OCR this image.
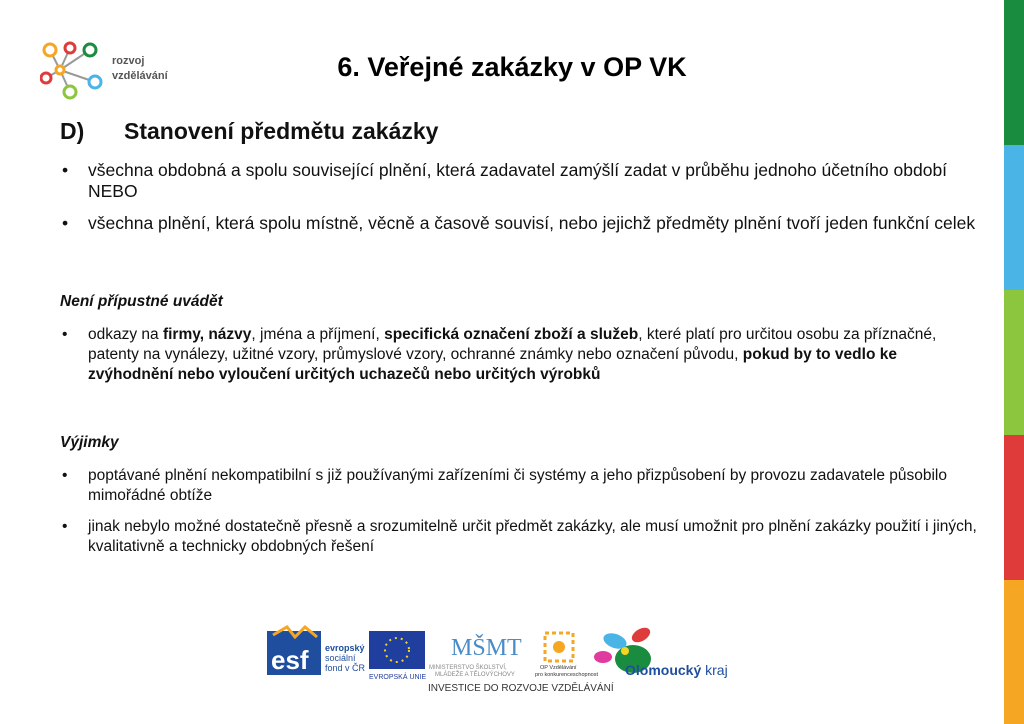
rozvoj
vzdělávání	6. Veřejné zakázky v OP VK
D) Stanovení předmětu zakázky
• všechna obdobná a spolu související plnění, která zadavatel zamýšlí zadat v průběhu jednoho účetního období NEBO
• všechna plnění, která spolu místně, věcně a časově souvisí, nebo jejichž předměty plnění tvoří jeden funkční celek
Není přípustné uvádět
• odkazy na firmy, názvy, jména a příjmení, specifická označení zboží a služeb, které platí pro určitou osobu za příznačné, patenty na vynálezy, užitné vzory, průmyslové vzory, ochranné známky nebo označení původu, pokud by to vedlo ke zvýhodnění nebo vyloučení určitých uchazečů nebo určitých výrobků
Výjimky
• poptávané plnění nekompatibilní s již používanými zařízeními či systémy a jeho přizpůsobení by provozu zadavatele působilo mimořádné obtíže
• jinak nebylo možné dostatečně přesně a srozumitelně určit předmět zakázky, ale musí umožnit pro plnění zakázky použití i jiných, kvalitativně a technicky obdobných řešení
esf evropský
sociální
fond v ČR
EVROPSKÁ UNIE
MŠMT
MINISTERSTVO ŠKOLSTVÍ,
MLÁDEŽE A TĚLOVÝCHOVY
OP Vzdělávání
pro konkurenceschopnost Olomoucký kraj
INVESTICE DO ROZVOJE VZDĚLÁVÁNÍ
